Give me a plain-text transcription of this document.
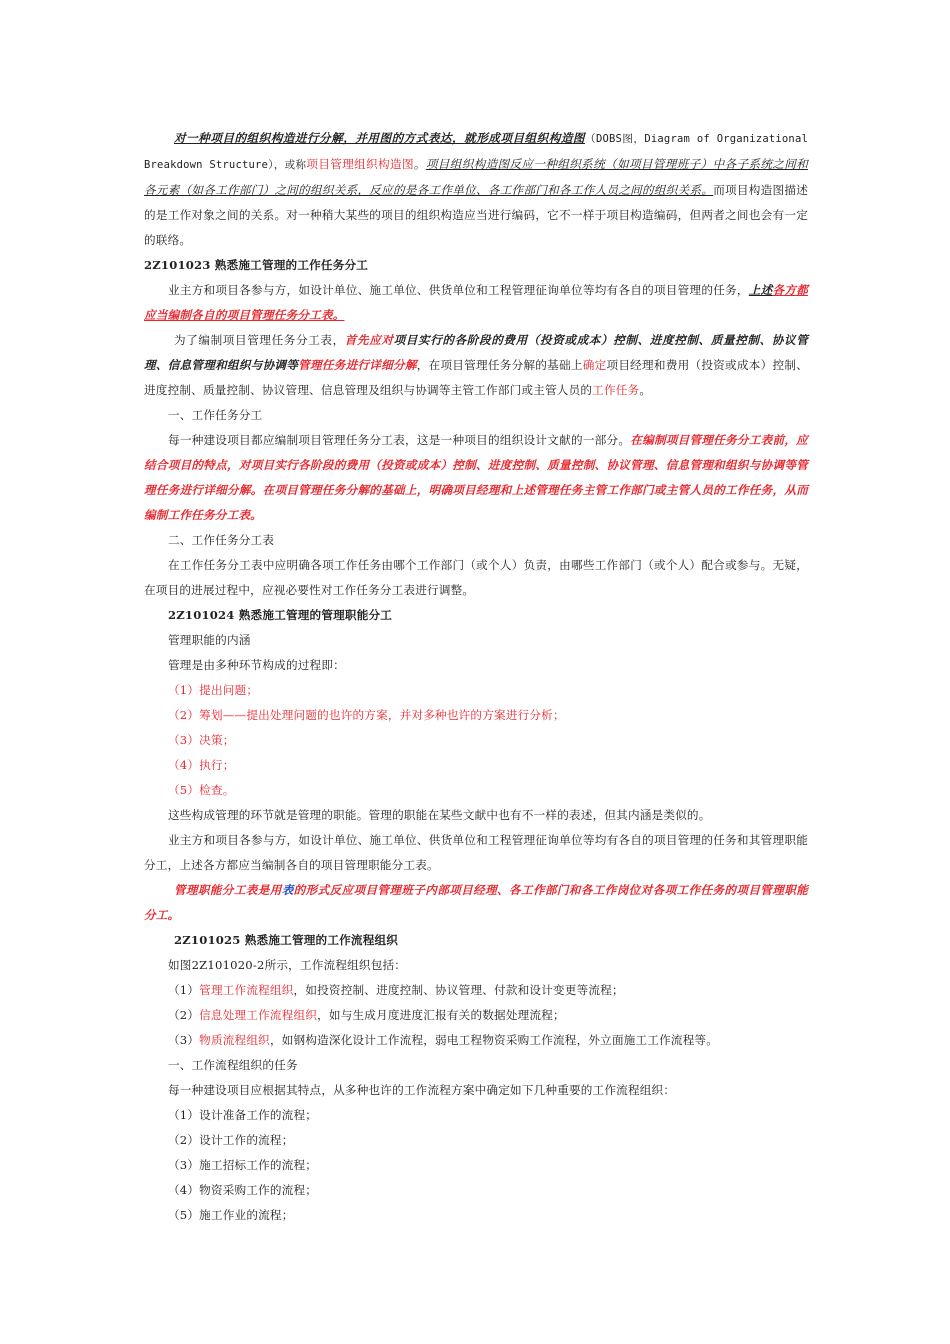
对一种项目的组织构造进行分解，并用图的方式表达，就形成项目组织构造图（DOBS图，Diagram of Organizational Breakdown Structure），或称项目管理组织构造图。项目组织构造图反应一种组织系统（如项目管理班子）中各子系统之间和各元素（如各工作部门）之间的组织关系，反应的是各工作单位、各工作部门和各工作人员之间的组织关系。而项目构造图描述的是工作对象之间的关系。对一种稍大某些的项目的组织构造应当进行编码，它不一样于项目构造编码，但两者之间也会有一定的联络。

2Z101023 熟悉施工管理的工作任务分工

业主方和项目各参与方，如设计单位、施工单位、供货单位和工程管理征询单位等均有各自的项目管理的任务，上述各方都应当编制各自的项目管理任务分工表。

为了编制项目管理任务分工表，首先应对项目实行的各阶段的费用（投资或成本）控制、进度控制、质量控制、协议管理、信息管理和组织与协调等管理任务进行详细分解，在项目管理任务分解的基础上确定项目经理和费用（投资或成本）控制、进度控制、质量控制、协议管理、信息管理及组织与协调等主管工作部门或主管人员的工作任务。

一、工作任务分工

每一种建设项目都应编制项目管理任务分工表，这是一种项目的组织设计文献的一部分。在编制项目管理任务分工表前，应结合项目的特点，对项目实行各阶段的费用（投资或成本）控制、进度控制、质量控制、协议管理、信息管理和组织与协调等管理任务进行详细分解。在项目管理任务分解的基础上，明确项目经理和上述管理任务主管工作部门或主管人员的工作任务，从而编制工作任务分工表。

二、工作任务分工表

在工作任务分工表中应明确各项工作任务由哪个工作部门（或个人）负责，由哪些工作部门（或个人）配合或参与。无疑，在项目的进展过程中，应视必要性对工作任务分工表进行调整。

2Z101024 熟悉施工管理的管理职能分工

管理职能的内涵

管理是由多种环节构成的过程即：

（1）提出问题；

（2）筹划——提出处理问题的也许的方案，并对多种也许的方案进行分析；

（3）决策；

（4）执行；

（5）检查。

这些构成管理的环节就是管理的职能。管理的职能在某些文献中也有不一样的表述，但其内涵是类似的。

业主方和项目各参与方，如设计单位、施工单位、供货单位和工程管理征询单位等均有各自的项目管理的任务和其管理职能分工，上述各方都应当编制各自的项目管理职能分工表。

管理职能分工表是用表的形式反应项目管理班子内部项目经理、各工作部门和各工作岗位对各项工作任务的项目管理职能分工。

2Z101025 熟悉施工管理的工作流程组织

如图2Z101020-2所示，工作流程组织包括：

（1）管理工作流程组织，如投资控制、进度控制、协议管理、付款和设计变更等流程；

（2）信息处理工作流程组织，如与生成月度进度汇报有关的数据处理流程；

（3）物质流程组织，如钢构造深化设计工作流程，弱电工程物资采购工作流程，外立面施工工作流程等。

一、工作流程组织的任务

每一种建设项目应根据其特点，从多种也许的工作流程方案中确定如下几种重要的工作流程组织：

（1）设计准备工作的流程；

（2）设计工作的流程；

（3）施工招标工作的流程；

（4）物资采购工作的流程；

（5）施工作业的流程；
